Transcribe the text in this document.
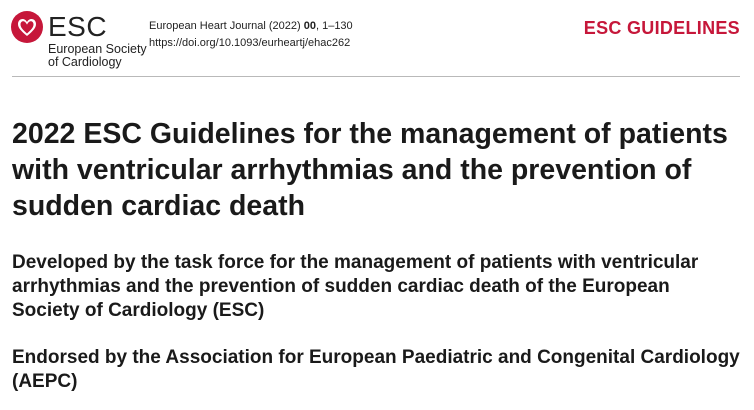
ESC
European Society
of Cardiology
European Heart Journal (2022) 00, 1–130
https://doi.org/10.1093/eurheartj/ehac262
ESC GUIDELINES
2022 ESC Guidelines for the management of patients with ventricular arrhythmias and the prevention of sudden cardiac death
Developed by the task force for the management of patients with ventricular arrhythmias and the prevention of sudden cardiac death of the European Society of Cardiology (ESC)
Endorsed by the Association for European Paediatric and Congenital Cardiology (AEPC)
